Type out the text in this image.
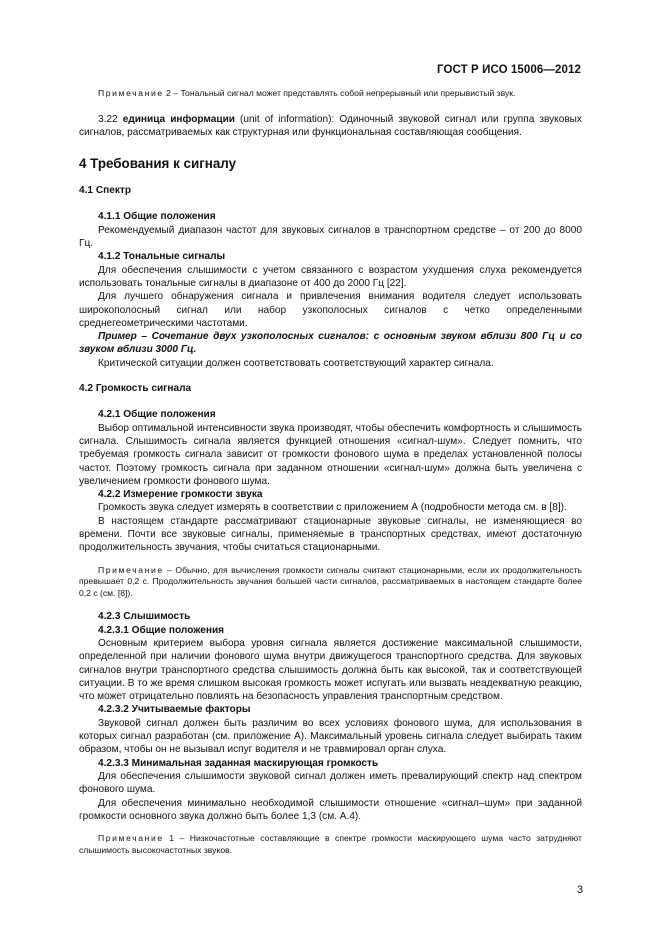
ГОСТ Р ИСО 15006—2012

Примечание 2 – Тональный сигнал может представлять собой непрерывный или прерывистый звук.

3.22 единица информации (unit of information): Одиночный звуковой сигнал или группа звуковых сигналов, рассматриваемых как структурная или функциональная составляющая сообщения.

4 Требования к сигналу
4.1 Спектр
4.1.1 Общие положения

Рекомендуемый диапазон частот для звуковых сигналов в транспортном средстве – от 200 до 8000 Гц.

4.1.2 Тональные сигналы

Для обеспечения слышимости с учетом связанного с возрастом ухудшения слуха рекомендуется использовать тональные сигналы в диапазоне от 400 до 2000 Гц [22].

Для лучшего обнаружения сигнала и привлечения внимания водителя следует использовать широкополосный сигнал или набор узкополосных сигналов с четко определенными среднегеометрическими частотами.

Пример – Сочетание двух узкополосных сигналов: с основным звуком вблизи 800 Гц и со звуком вблизи 3000 Гц.

Критической ситуации должен соответствовать соответствующий характер сигнала.

4.2 Громкость сигнала
4.2.1 Общие положения

Выбор оптимальной интенсивности звука производят, чтобы обеспечить комфортность и слышимость сигнала. Слышимость сигнала является функцией отношения «сигнал-шум». Следует помнить, что требуемая громкость сигнала зависит от громкости фонового шума в пределах установленной полосы частот. Поэтому громкость сигнала при заданном отношении «сигнал-шум» должна быть увеличена с увеличением громкости фонового шума.

4.2.2 Измерение громкости звука

Громкость звука следует измерять в соответствии с приложением А (подробности метода см. в [8]).

В настоящем стандарте рассматривают стационарные звуковые сигналы, не изменяющиеся во времени. Почти все звуковые сигналы, применяемые в транспортных средствах, имеют достаточную продолжительность звучания, чтобы считаться стационарными.

Примечание – Обычно, для вычисления громкости сигналы считают стационарными, если их продолжительность превышает 0,2 с. Продолжительность звучания большей части сигналов, рассматриваемых в настоящем стандарте более 0,2 с (см. [8]).

4.2.3 Слышимость
4.2.3.1 Общие положения

Основным критерием выбора уровня сигнала является достижение максимальной слышимости, определенной при наличии фонового шума внутри движущегося транспортного средства. Для звуковых сигналов внутри транспортного средства слышимость должна быть как высокой, так и соответствующей ситуации. В то же время слишком высокая громкость может испугать или вызвать неадекватную реакцию, что может отрицательно повлиять на безопасность управления транспортным средством.

4.2.3.2 Учитываемые факторы

Звуковой сигнал должен быть различим во всех условиях фонового шума, для использования в которых сигнал разработан (см. приложение А). Максимальный уровень сигнала следует выбирать таким образом, чтобы он не вызывал испуг водителя и не травмировал орган слуха.

4.2.3.3 Минимальная заданная маскирующая громкость

Для обеспечения слышимости звуковой сигнал должен иметь превалирующий спектр над спектром фонового шума.

Для обеспечения минимально необходимой слышимости отношение «сигнал–шум» при заданной громкости основного звука должно быть более 1,3 (см. А.4).

Примечание 1 – Низкочастотные составляющие в спектре громкости маскирующего шума часто затрудняют слышимость высокочастотных звуков.

3
